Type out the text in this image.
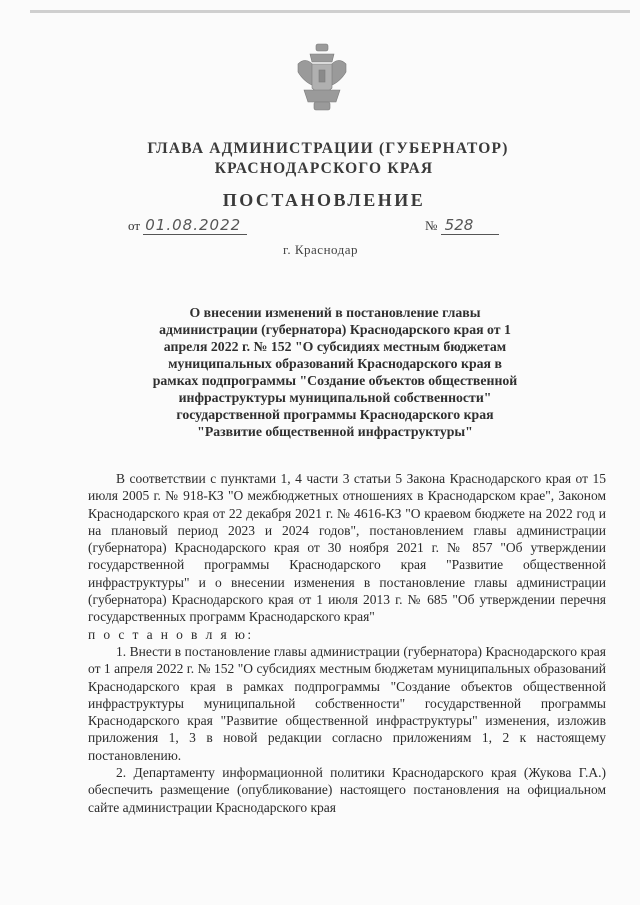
ГЛАВА АДМИНИСТРАЦИИ (ГУБЕРНАТОР)
КРАСНОДАРСКОГО КРАЯ
ПОСТАНОВЛЕНИЕ
от 01.08.2022	№ 528
г. Краснодар
О внесении изменений в постановление главы администрации (губернатора) Краснодарского края от 1 апреля 2022 г. № 152 "О субсидиях местным бюджетам муниципальных образований Краснодарского края в рамках подпрограммы "Создание объектов общественной инфраструктуры муниципальной собственности" государственной программы Краснодарского края "Развитие общественной инфраструктуры"

В соответствии с пунктами 1, 4 части 3 статьи 5 Закона Краснодарского края от 15 июля 2005 г. № 918-КЗ "О межбюджетных отношениях в Краснодарском крае", Законом Краснодарского края от 22 декабря 2021 г. № 4616-КЗ "О краевом бюджете на 2022 год и на плановый период 2023 и 2024 годов", постановлением главы администрации (губернатора) Краснодарского края от 30 ноября 2021 г. № 857 "Об утверждении государственной программы Краснодарского края "Развитие общественной инфраструктуры" и о внесении изменения в постановление главы администрации (губернатора) Краснодарского края от 1 июля 2013 г. № 685 "Об утверждении перечня государственных программ Краснодарского края"

п о с т а н о в л я ю:

1. Внести в постановление главы администрации (губернатора) Краснодарского края от 1 апреля 2022 г. № 152 "О субсидиях местным бюджетам муниципальных образований Краснодарского края в рамках подпрограммы "Создание объектов общественной инфраструктуры муниципальной собственности" государственной программы Краснодарского края "Развитие общественной инфраструктуры" изменения, изложив приложения 1, 3 в новой редакции согласно приложениям 1, 2 к настоящему постановлению.

2. Департаменту информационной политики Краснодарского края (Жукова Г.А.) обеспечить размещение (опубликование) настоящего постановления на официальном сайте администрации Краснодарского края
